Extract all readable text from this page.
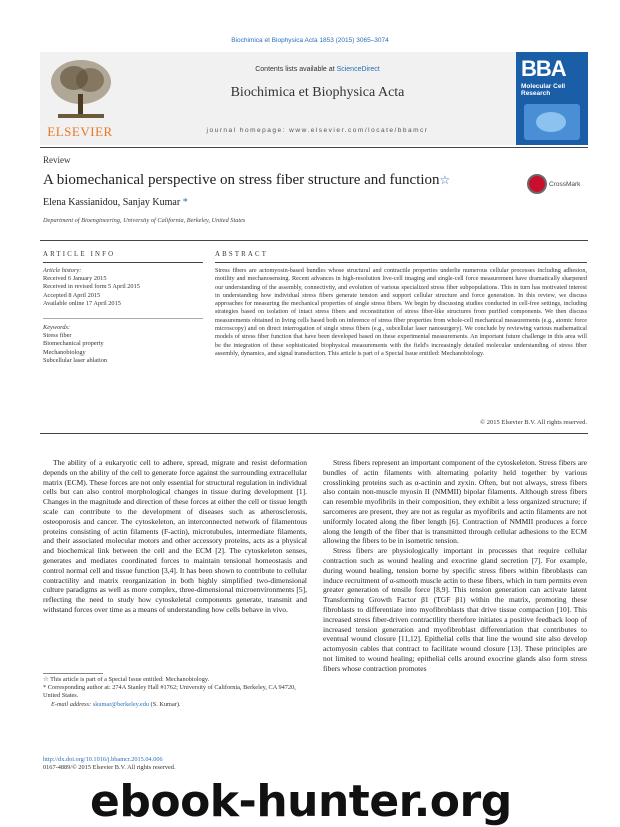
Biochimica et Biophysica Acta 1853 (2015) 3065–3074
ELSEVIER
Contents lists available at ScienceDirect
Biochimica et Biophysica Acta
journal homepage: www.elsevier.com/locate/bbamcr
BBA
Molecular Cell Research
Review
A biomechanical perspective on stress fiber structure and function☆	CrossMark
Elena Kassianidou, Sanjay Kumar *
Department of Bioengineering, University of California, Berkeley, United States
ARTICLE INFO	ABSTRACT
Article history:
Received 6 January 2015
Received in revised form 5 April 2015
Accepted 8 April 2015
Available online 17 April 2015
Keywords:
Stress fiber
Biomechanical property
Mechanobiology
Subcellular laser ablation
Stress fibers are actomyosin-based bundles whose structural and contractile properties underlie numerous cellular processes including adhesion, motility and mechanosensing. Recent advances in high-resolution live-cell imaging and single-cell force measurement have dramatically sharpened our understanding of the assembly, connectivity, and evolution of various specialized stress fiber subpopulations. This in turn has motivated interest in understanding how individual stress fibers generate tension and support cellular structure and force generation. In this review, we discuss approaches for measuring the mechanical properties of single stress fibers. We begin by discussing studies conducted in cell-free settings, including strategies based on isolation of intact stress fibers and reconstitution of stress fiber-like structures from purified components. We then discuss measurements obtained in living cells based both on inference of stress fiber properties from whole-cell mechanical measurements (e.g., atomic force microscopy) and on direct interrogation of single stress fibers (e.g., subcellular laser nanosurgery). We conclude by reviewing various mathematical models of stress fiber function that have been developed based on these experimental measurements. An important future challenge in this area will be the integration of these sophisticated biophysical measurements with the field's increasingly detailed molecular understanding of stress fiber assembly, dynamics, and signal transduction. This article is part of a Special Issue entitled: Mechanobiology.
© 2015 Elsevier B.V. All rights reserved.

The ability of a eukaryotic cell to adhere, spread, migrate and resist deformation depends on the ability of the cell to generate force against the surrounding extracellular matrix (ECM). These forces are not only essential for structural regulation in individual cells but can also control morphological changes in tissue during development [1]. Changes in the magnitude and direction of these forces at either the cell or tissue length scale can contribute to the development of diseases such as atherosclerosis, osteoporosis and cancer. The cytoskeleton, an interconnected network of filamentous proteins consisting of actin filaments (F-actin), microtubules, intermediate filaments, and their associated molecular motors and other accessory proteins, acts as a physical and biochemical link between the cell and the ECM [2]. The cytoskeleton senses, generates and mediates coordinated forces to maintain tensional homeostasis and control normal cell and tissue function [3,4]. It has been shown to contribute to cellular contractility and matrix reorganization in both highly simplified two-dimensional culture paradigms as well as more complex, three-dimensional microenvironments [5], reflecting the need to study how cytoskeletal components generate, transmit and withstand forces over time as a means of understanding how cells behave in vivo.

Stress fibers represent an important component of the cytoskeleton. Stress fibers are bundles of actin filaments with alternating polarity held together by various crosslinking proteins such as α-actinin and zyxin. Often, but not always, stress fibers also contain non-muscle myosin II (NMMII) bipolar filaments. Although stress fibers can resemble myofibrils in their composition, they exhibit a less organized structure; if sarcomeres are present, they are not as regular as myofibrils and actin filaments are not uniformly located along the fiber length [6]. Contraction of NMMII produces a force along the length of the fiber that is transmitted through cellular adhesions to the ECM allowing the fibers to be in isometric tension.

Stress fibers are physiologically important in processes that require cellular contraction such as wound healing and exocrine gland secretion [7]. For example, during wound healing, tension borne by specific stress fibers within fibroblasts can induce recruitment of α-smooth muscle actin to these fibers, which in turn permits even greater generation of tensile force [8,9]. This tension generation can activate latent Transforming Growth Factor β1 (TGF β1) within the matrix, promoting these fibroblasts to differentiate into myofibroblasts that drive tissue compaction [10]. This increased stress fiber-driven contractility therefore initiates a positive feedback loop of increased tension generation and myofibroblast differentiation that contributes to eventual wound closure [11,12]. Epithelial cells that line the wound site also develop actomyosin cables that contract to facilitate wound closure [13]. These principles are not limited to wound healing; epithelial cells around exocrine glands also form stress fibers whose contraction promotes

☆ This article is part of a Special Issue entitled: Mechanobiology.
* Corresponding author at: 274A Stanley Hall #1762; University of California, Berkeley, CA 94720, United States.
E-mail address: skumar@berkeley.edu (S. Kumar).
http://dx.doi.org/10.1016/j.bbamcr.2015.04.006
0167-4889/© 2015 Elsevier B.V. All rights reserved.
ebook-hunter.org
